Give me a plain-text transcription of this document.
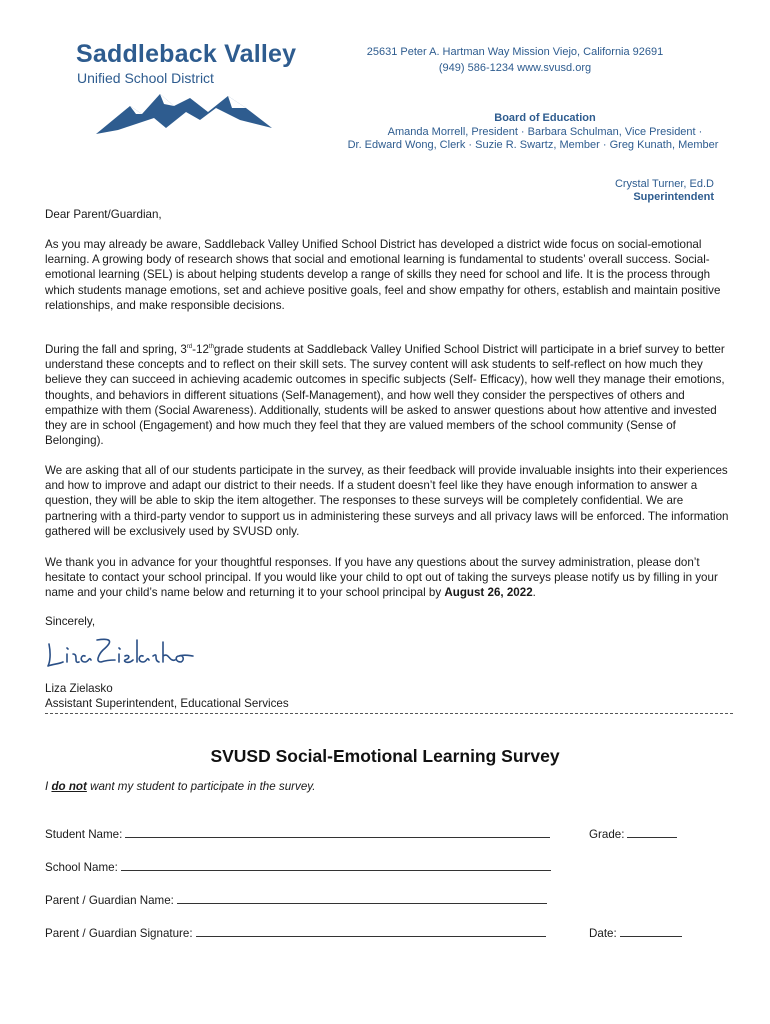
Saddleback Valley
Unified School District
25631 Peter A. Hartman Way Mission Viejo, California 92691
(949) 586-1234 www.svusd.org
Board of Education
Amanda Morrell, President · Barbara Schulman, Vice President ·
Dr. Edward Wong, Clerk · Suzie R. Swartz, Member · Greg Kunath, Member
Crystal Turner, Ed.D
Superintendent
Dear Parent/Guardian,

As you may already be aware, Saddleback Valley Unified School District has developed a district wide focus on social-emotional learning. A growing body of research shows that social and emotional learning is fundamental to students’ overall success. Social-emotional learning (SEL) is about helping students develop a range of skills they need for school and life. It is the process through which students manage emotions, set and achieve positive goals, feel and show empathy for others, establish and maintain positive relationships, and make responsible decisions.

During the fall and spring, 3rd-12thgrade students at Saddleback Valley Unified School District will participate in a brief survey to better understand these concepts and to reflect on their skill sets. The survey content will ask students to self-reflect on how much they believe they can succeed in achieving academic outcomes in specific subjects (Self- Efficacy), how well they manage their emotions, thoughts, and behaviors in different situations (Self-Management), and how well they consider the perspectives of others and empathize with them (Social Awareness). Additionally, students will be asked to answer questions about how attentive and invested they are in school (Engagement) and how much they feel that they are valued members of the school community (Sense of Belonging).

We are asking that all of our students participate in the survey, as their feedback will provide invaluable insights into their experiences and how to improve and adapt our district to their needs. If a student doesn’t feel like they have enough information to answer a question, they will be able to skip the item altogether. The responses to these surveys will be completely confidential. We are partnering with a third-party vendor to support us in administering these surveys and all privacy laws will be enforced. The information gathered will be exclusively used by SVUSD only.

We thank you in advance for your thoughtful responses. If you have any questions about the survey administration, please don’t hesitate to contact your school principal. If you would like your child to opt out of taking the surveys please notify us by filling in your name and your child’s name below and returning it to your school principal by August 26, 2022.

Sincerely,
Liza Zielasko
Assistant Superintendent, Educational Services
SVUSD Social-Emotional Learning Survey
I do not want my student to participate in the survey.
Student Name:	Grade:
School Name:
Parent / Guardian Name:
Parent / Guardian Signature:	Date:
